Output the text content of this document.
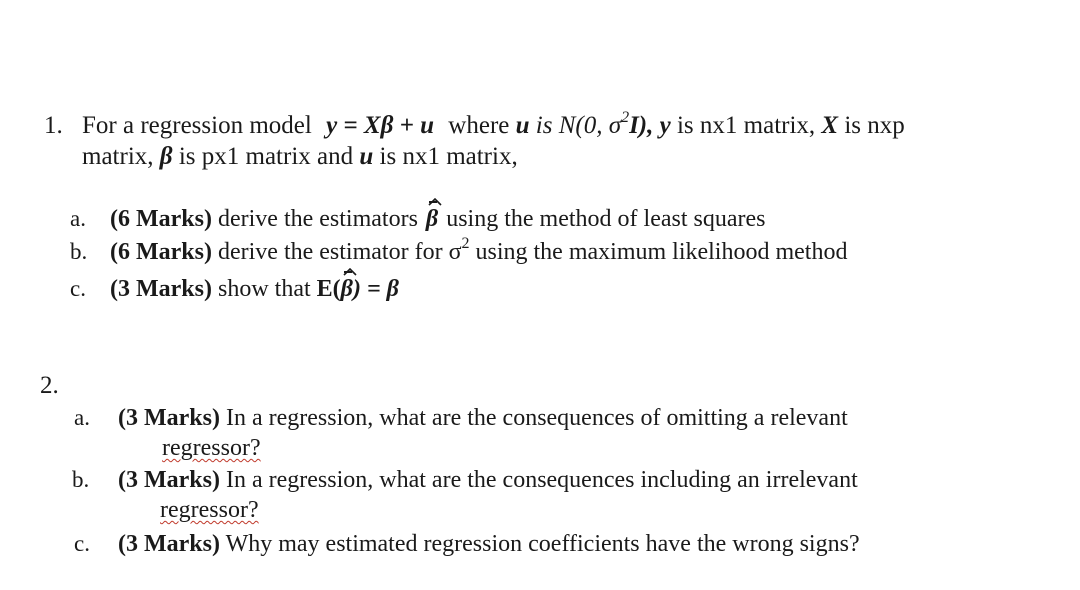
1. For a regression model y = Xβ + u where u is N(0, $\sigma^2I$), y is nx1 matrix, X is nxp
matrix, β is px1 matrix and u is nx1 matrix,
a. (6 Marks) derive the estimators β using the method of least squares
b. (6 Marks) derive the estimator for $\sigma^2$ using the maximum likelihood method
c. (3 Marks) show that E(β
) = β
2.
a. (3 Marks) In a regression, what are the consequences of omitting a relevant
regressor?
b. (3 Marks) In a regression, what are the consequences including an irrelevant
regressor?
c. (3 Marks) Why may estimated regression coefficients have the wrong signs?
